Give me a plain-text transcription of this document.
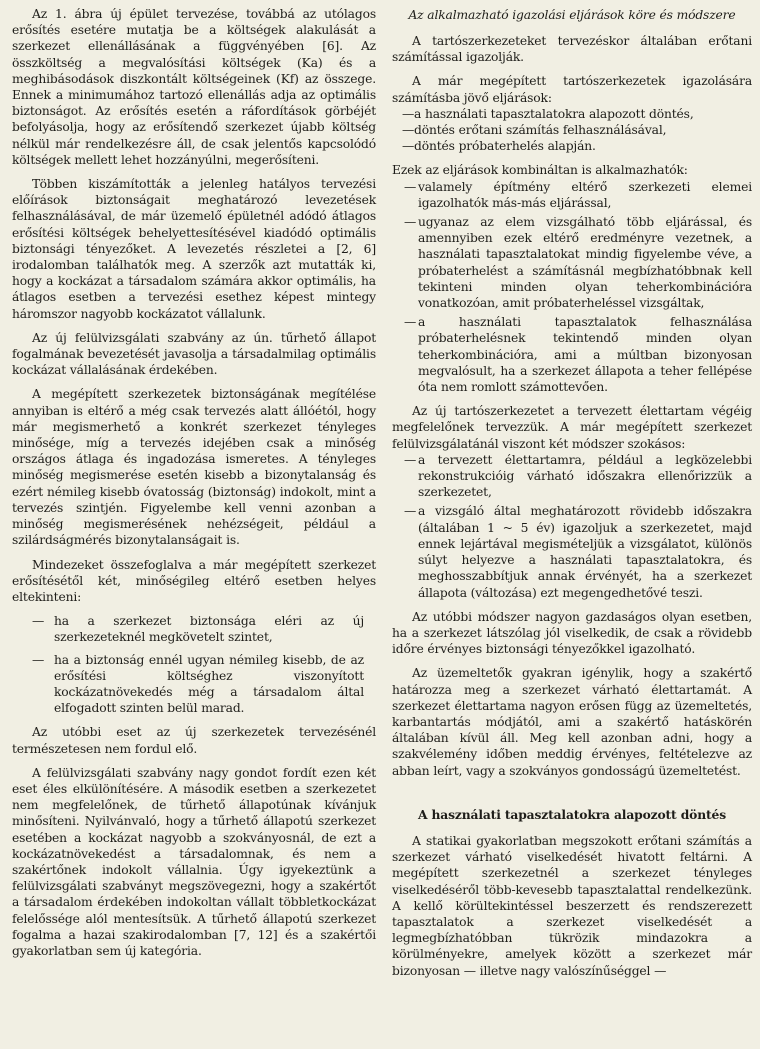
Az 1. ábra új épület tervezése, továbbá az utólagos erősítés esetére mutatja be a költségek alakulását a szerkezet ellenállásának a függvényében [6]. Az összköltség a megvalósítási költségek (Ka) és a meghibásodások diszkontált költségeinek (Kf) az összege. Ennek a minimumához tartozó ellenállás adja az optimális biztonságot. Az erősítés esetén a ráfordítások görbéjét befolyásolja, hogy az erősítendő szerkezet újabb költség nélkül már rendelkezésre áll, de csak jelentős kapcsolódó költségek mellett lehet hozzányúlni, megerősíteni.

Többen kiszámították a jelenleg hatályos tervezési előírások biztonságait meghatározó levezetések felhasználásával, de már üzemelő épületnél adódó átlagos erősítési költségek behelyettesítésével kiadódó optimális biztonsági tényezőket. A levezetés részletei a [2, 6] irodalomban találhatók meg. A szerzők azt mutatták ki, hogy a kockázat a társadalom számára akkor optimális, ha átlagos esetben a tervezési esethez képest mintegy háromszor nagyobb kockázatot vállalunk.

Az új felülvizsgálati szabvány az ún. tűrhető állapot fogalmának bevezetését javasolja a társadalmilag optimális kockázat vállalásának érdekében.

A megépített szerkezetek biztonságának megítélése annyiban is eltérő a még csak tervezés alatt állóétól, hogy már megismerhető a konkrét szerkezet tényleges minősége, míg a tervezés idejében csak a minőség országos átlaga és ingadozása ismeretes. A tényleges minőség megismerése esetén kisebb a bizonytalanság és ezért némileg kisebb óvatosság (biztonság) indokolt, mint a tervezés szintjén. Figyelembe kell venni azonban a minőség megismerésének nehézségeit, például a szilárdságmérés bizonytalanságait is.

Mindezeket összefoglalva a már megépített szerkezet erősítésétől két, minőségileg eltérő esetben helyes eltekinteni:

— ha a szerkezet biztonsága eléri az új szerkezeteknél megkövetelt szintet,
— ha a biztonság ennél ugyan némileg kisebb, de az erősítési költséghez viszonyított kockázatnövekedés még a társadalom által elfogadott szinten belül marad.

Az utóbbi eset az új szerkezetek tervezésénél természetesen nem fordul elő.

A felülvizsgálati szabvány nagy gondot fordít ezen két eset éles elkülönítésére. A második esetben a szerkezetet nem megfelelőnek, de tűrhető állapotúnak kívánjuk minősíteni. Nyilvánvaló, hogy a tűrhető állapotú szerkezet esetében a kockázat nagyobb a szokványosnál, de ezt a kockázatnövekedést a társadalomnak, és nem a szakértőnek indokolt vállalnia. Úgy igyekeztünk a felülvizsgálati szabványt megszövegezni, hogy a szakértőt a társadalom érdekében indokoltan vállalt többletkockázat felelőssége alól mentesítsük. A tűrhető állapotú szerkezet fogalma a hazai szakirodalomban [7, 12] és a szakértői gyakorlatban sem új kategória.

Az alkalmazható igazolási eljárások köre és módszere

A tartószerkezeteket tervezéskor általában erőtani számítással igazolják.

A már megépített tartószerkezetek igazolására számításba jövő eljárások:

— a használati tapasztalatokra alapozott döntés,
— döntés erőtani számítás felhasználásával,
— döntés próbaterhelés alapján.

Ezek az eljárások kombináltan is alkalmazhatók:

— valamely építmény eltérő szerkezeti elemei igazolhatók más-más eljárással,
— ugyanaz az elem vizsgálható több eljárással, és amennyiben ezek eltérő eredményre vezetnek, a használati tapasztalatokat mindig figyelembe véve, a próbaterhelést a számításnál megbízhatóbbnak kell tekinteni minden olyan teherkombinációra vonatkozóan, amit próbaterheléssel vizsgáltak,
— a használati tapasztalatok felhasználása próbaterhelésnek tekintendő minden olyan teherkombinációra, ami a múltban bizonyosan megvalósult, ha a szerkezet állapota a teher fellépése óta nem romlott számottevően.

Az új tartószerkezetet a tervezett élettartam végéig megfelelőnek tervezzük. A már megépített szerkezet felülvizsgálatánál viszont két módszer szokásos:

— a tervezett élettartamra, például a legközelebbi rekonstrukcióig várható időszakra ellenőrizzük a szerkezetet,
— a vizsgáló által meghatározott rövidebb időszakra (általában 1 ~ 5 év) igazoljuk a szerkezetet, majd ennek lejártával megismételjük a vizsgálatot, különös súlyt helyezve a használati tapasztalatokra, és meghosszabbítjuk annak érvényét, ha a szerkezet állapota (változása) ezt megengedhetővé teszi.

Az utóbbi módszer nagyon gazdaságos olyan esetben, ha a szerkezet látszólag jól viselkedik, de csak a rövidebb időre érvényes biztonsági tényezőkkel igazolható.

Az üzemeltetők gyakran igénylik, hogy a szakértő határozza meg a szerkezet várható élettartamát. A szerkezet élettartama nagyon erősen függ az üzemeltetés, karbantartás módjától, ami a szakértő hatáskörén általában kívül áll. Meg kell azonban adni, hogy a szakvélemény időben meddig érvényes, feltételezve az abban leírt, vagy a szokványos gondosságú üzemeltetést.

A használati tapasztalatokra alapozott döntés

A statikai gyakorlatban megszokott erőtani számítás a szerkezet várható viselkedését hivatott feltárni. A megépített szerkezetnél a szerkezet tényleges viselkedéséről több-kevesebb tapasztalattal rendelkezünk. A kellő körültekintéssel beszerzett és rendszerezett tapasztalatok a szerkezet viselkedését a legmegbízhatóbban tükrözik mindazokra a körülményekre, amelyek között a szerkezet már bizonyosan — illetve nagy valószínűséggel —
